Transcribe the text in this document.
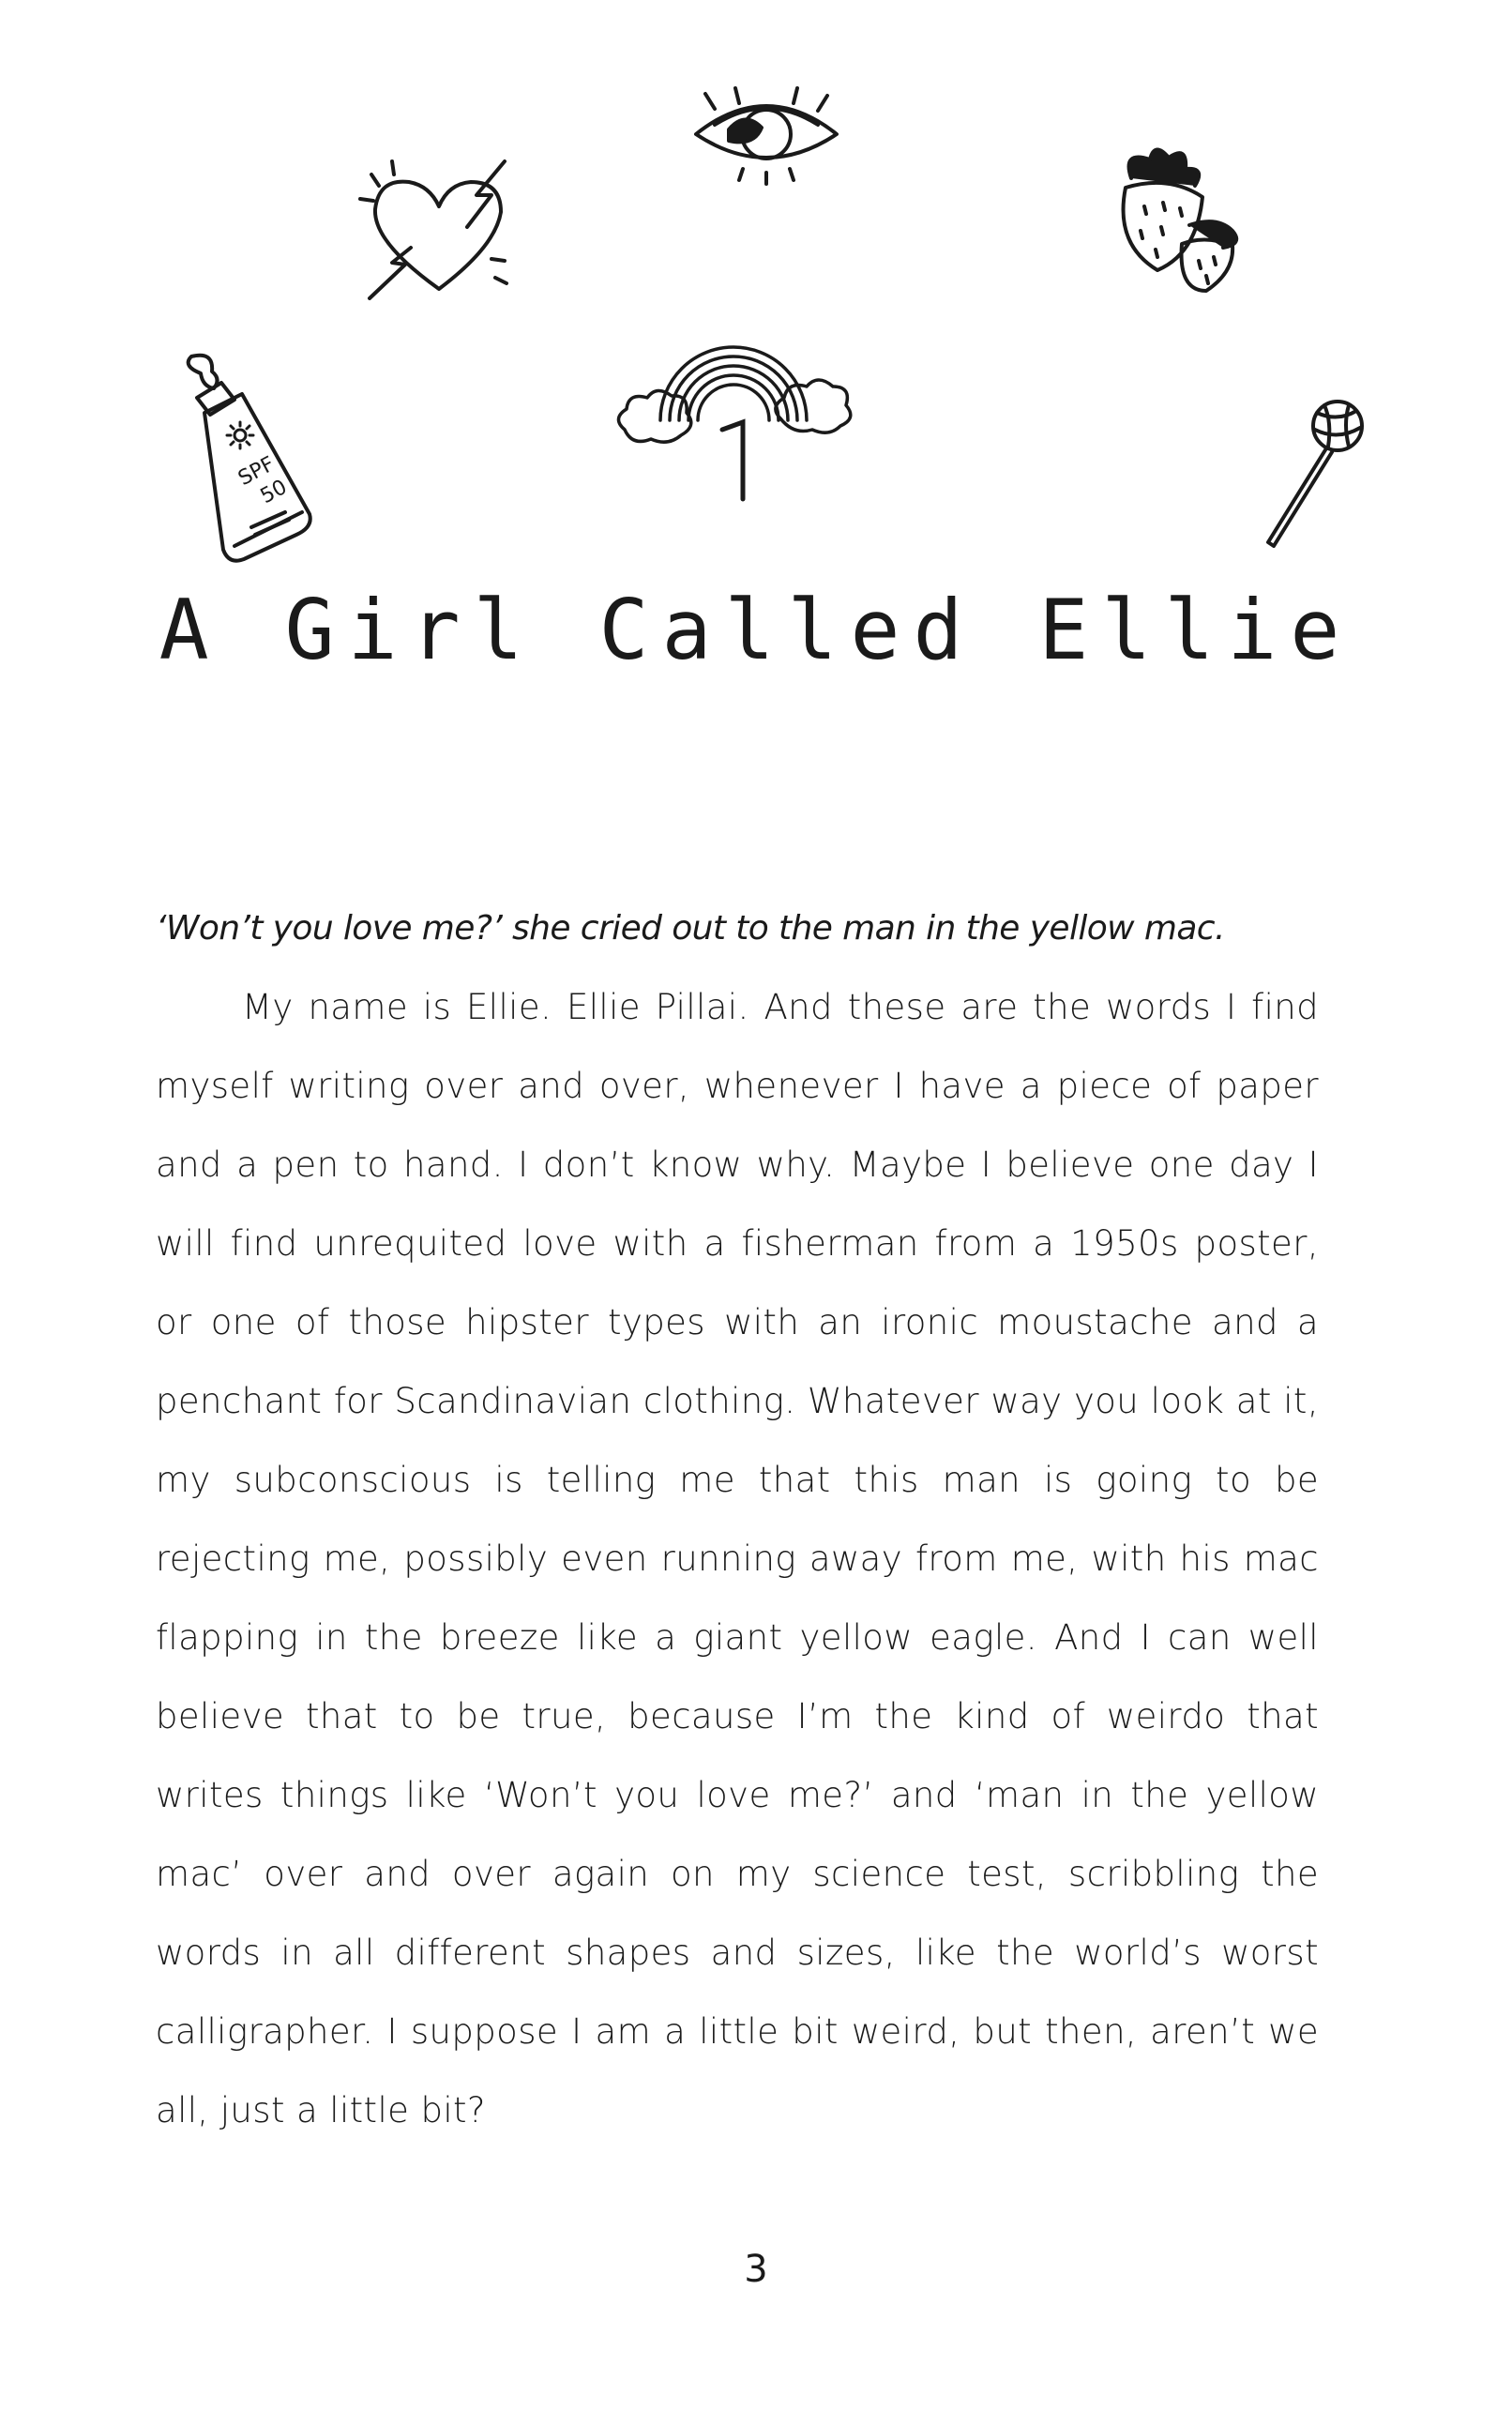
SPF
50
A Girl Called Ellie

‘Won’t you love me?’ she cried out to the man in the yellow mac.

My name is Ellie. Ellie Pillai. And these are the words I find myself writing over and over, whenever I have a piece of paper and a pen to hand. I don’t know why. Maybe I believe one day I will find unrequited love with a fisherman from a 1950s poster, or one of those hipster types with an ironic moustache and a penchant for Scandinavian clothing. Whatever way you look at it, my subconscious is telling me that this man is going to be rejecting me, possibly even running away from me, with his mac flapping in the breeze like a giant yellow eagle. And I can well believe that to be true, because I’m the kind of weirdo that writes things like ‘Won’t you love me?’ and ‘man in the yellow mac’ over and over again on my science test, scribbling the words in all different shapes and sizes, like the world’s worst calligrapher. I suppose I am a little bit weird, but then, aren’t we all, just a little bit?

3
